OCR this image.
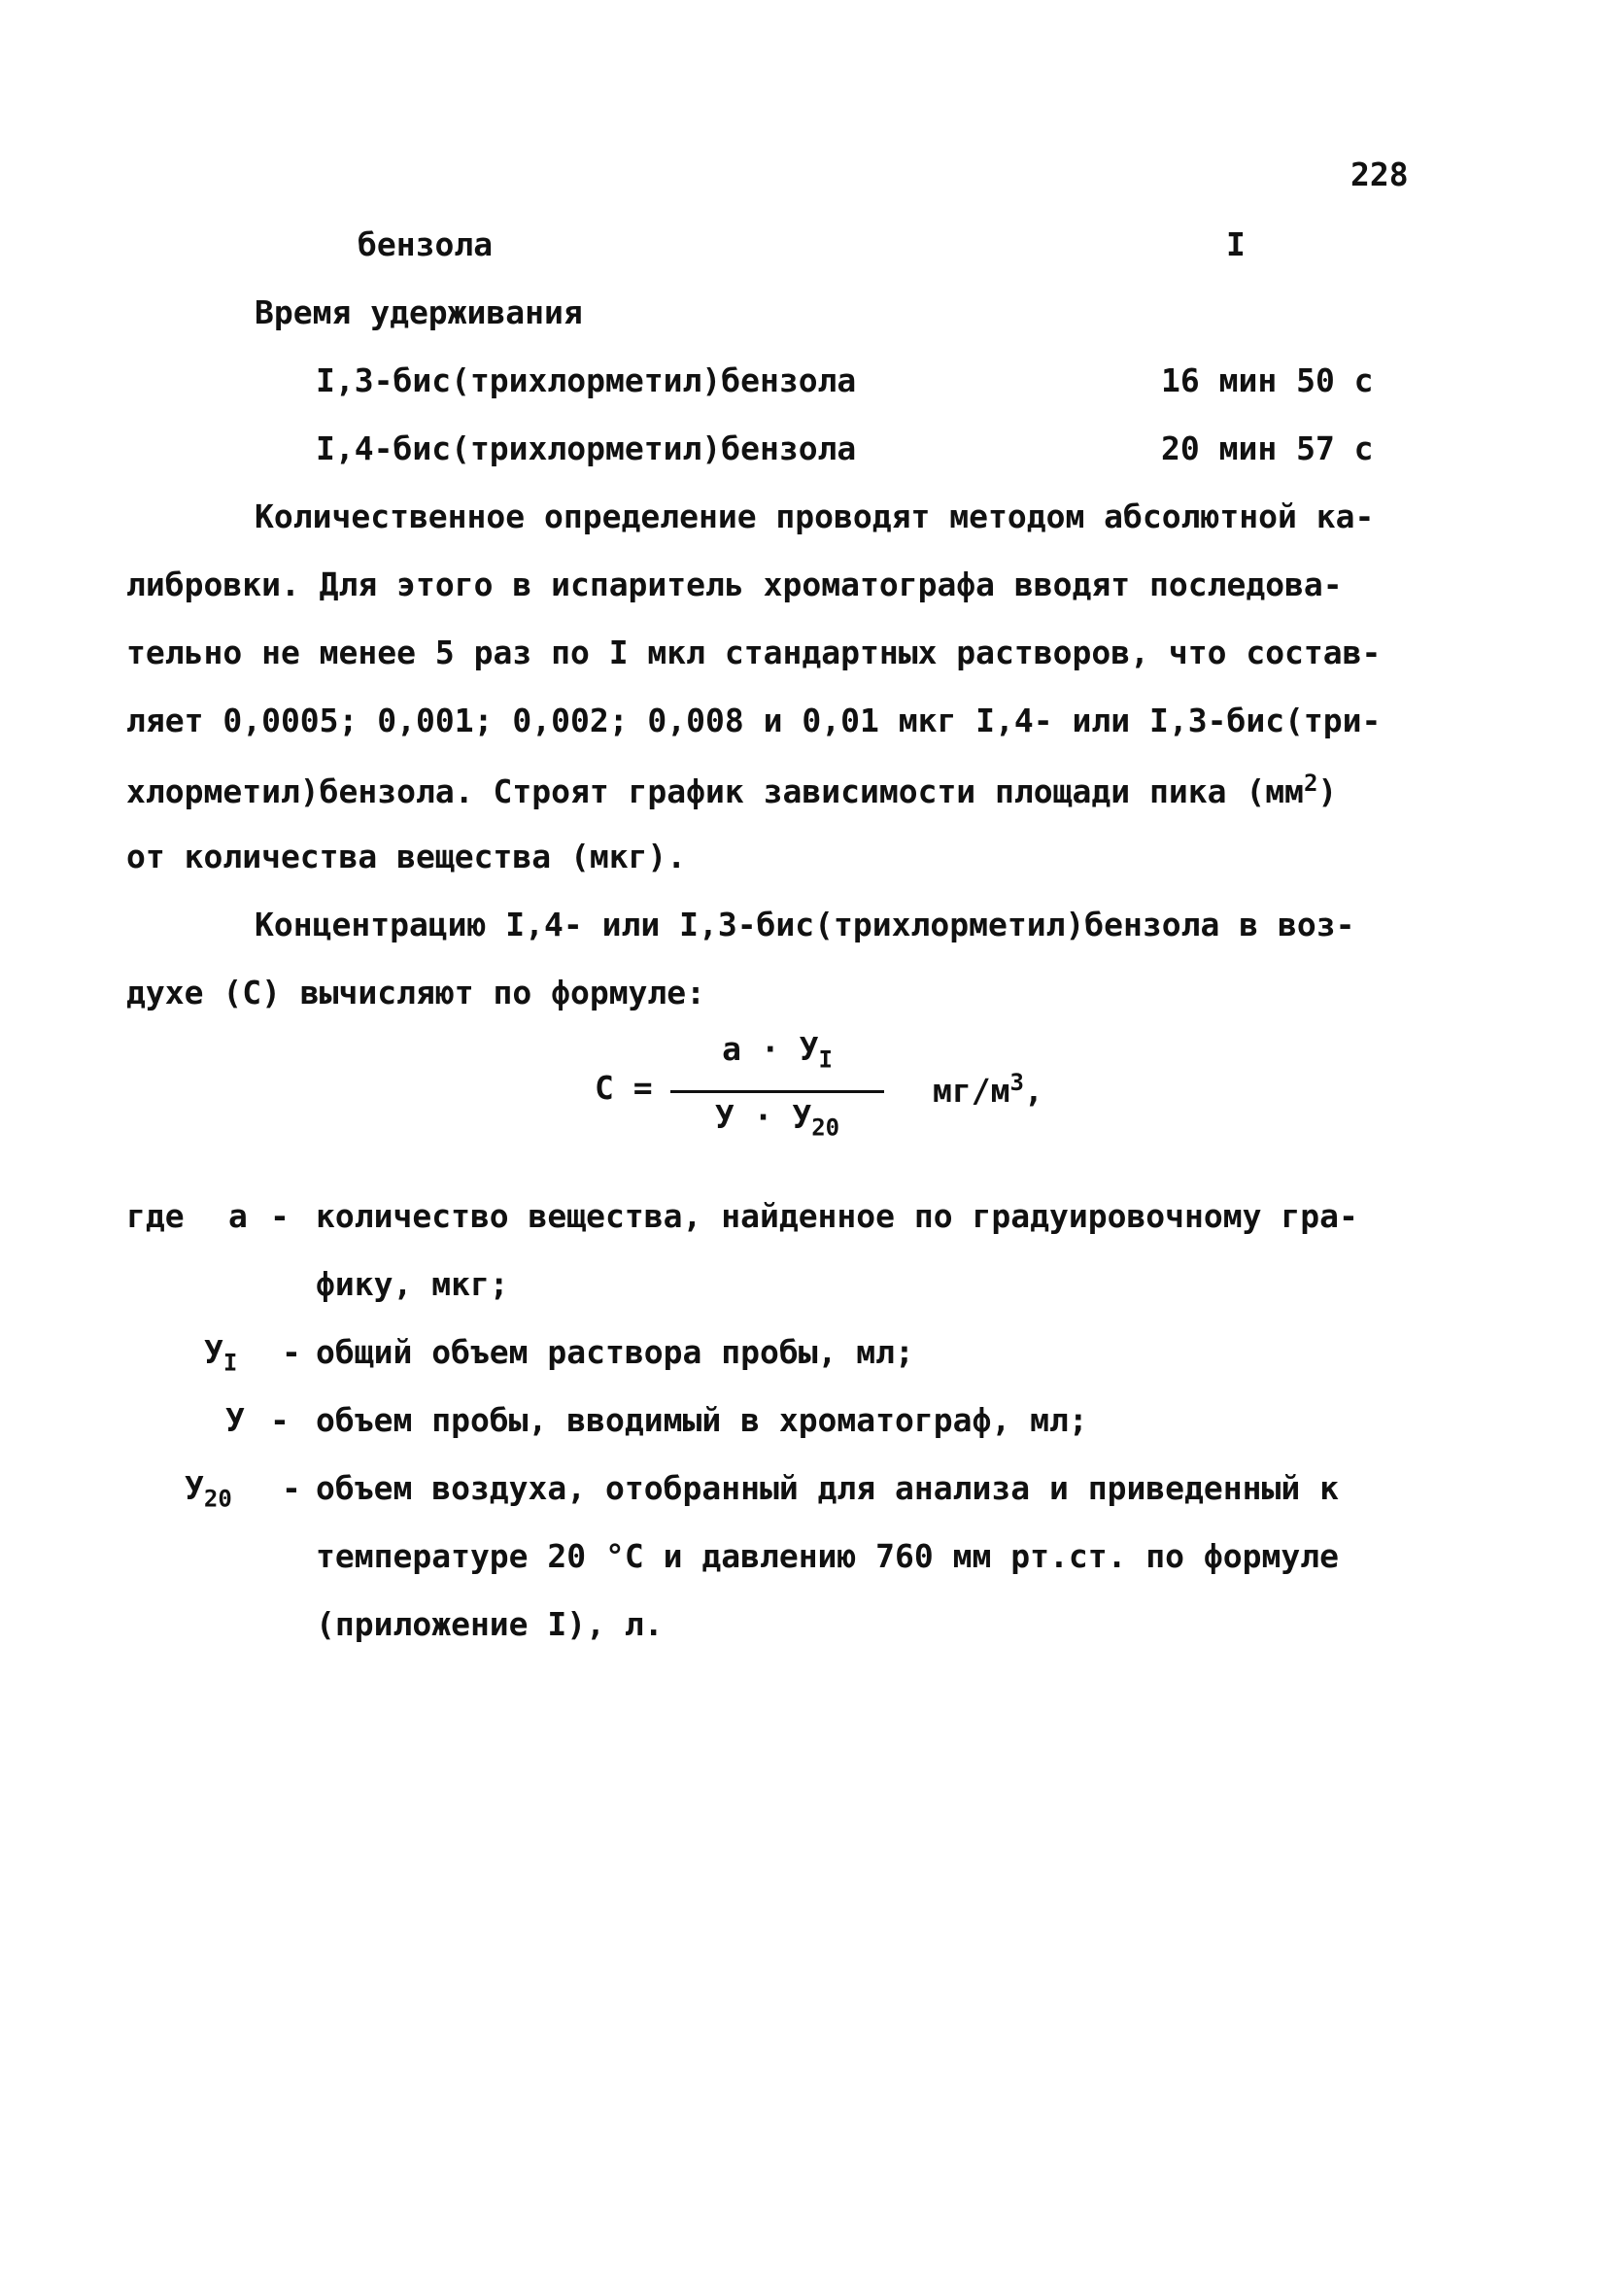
228
бензола	I
Время удерживания
I,3-бис(трихлорметил)бензола	16 мин 50 с
I,4-бис(трихлорметил)бензола	20 мин 57 с
Количественное определение проводят методом абсолютной ка-
либровки. Для этого в испаритель хроматографа вводят последова-
тельно не менее 5 раз по I мкл стандартных растворов, что состав-
ляет 0,0005; 0,001; 0,002; 0,008 и 0,01 мкг I,4- или I,3-бис(три-
хлорметил)бензола. Строят график зависимости площади пика $(мм^2)$
от количества вещества (мкг).
Концентрацию I,4- или I,3-бис(трихлорметил)бензола в воз-
духе (С) вычисляют по формуле:
C =
$а \cdot У_I$
$У \cdot У_{20}$
$мг/м^3$,
где а - количество вещества, найденное по градуировочному гра-
фику, мкг;
$У_I$ - общий объем раствора пробы, мл;
У - объем пробы, вводимый в хроматограф, мл;
$У_{20}$ - объем воздуха, отобранный для анализа и приведенный к
температуре 20 °С и давлению 760 мм рт.ст. по формуле
(приложение I), л.
